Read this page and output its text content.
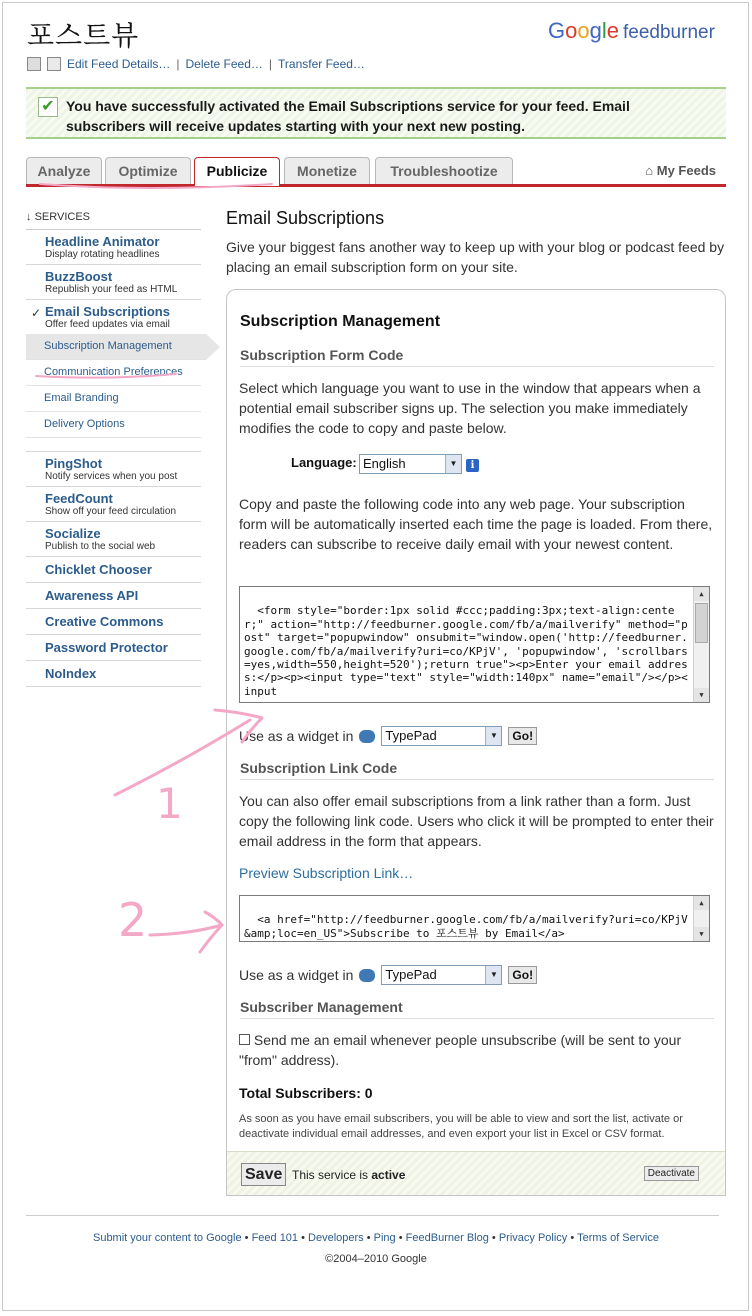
포스트뷰	Google feedburner
Edit Feed Details… | Delete Feed… | Transfer Feed…
✔ You have successfully activated the Email Subscriptions service for your feed. Email subscribers will receive updates starting with your next new posting.
Analyze	Optimize	Publicize	Monetize	Troubleshootize	⌂ My Feeds
↓ SERVICES
Headline Animator
Display rotating headlines
BuzzBoost
Republish your feed as HTML
✓ Email Subscriptions
Offer feed updates via email
Subscription Management
Communication Preferences
Email Branding
Delivery Options
PingShot
Notify services when you post
FeedCount
Show off your feed circulation
Socialize
Publish to the social web
Chicklet Chooser
Awareness API
Creative Commons
Password Protector
NoIndex
Email Subscriptions
Give your biggest fans another way to keep up with your blog or podcast feed by placing an email subscription form on your site.
Subscription Management
Subscription Form Code
Select which language you want to use in the window that appears when a potential email subscriber signs up. The selection you make immediately modifies the code to copy and paste below.
Language: English	▼	i
Copy and paste the following code into any web page. Your subscription form will be automatically inserted each time the page is loaded. From there, readers can subscribe to receive daily email with your newest content.

<form style="border:1px solid #ccc;padding:3px;text-align:center;" action="http://feedburner.google.com/fb/a/mailverify" method="post" target="popupwindow" onsubmit="window.open('http://feedburner.google.com/fb/a/mailverify?uri=co/KPjV', 'popupwindow', 'scrollbars=yes,width=550,height=520');return true"><p>Enter your email address:</p><p><input type="text" style="width:140px" name="email"/></p><input

▲

▼

Use as a widget in	TypePad	▼	Go!
Subscription Link Code
You can also offer email subscriptions from a link rather than a form. Just copy the following link code. Users who click it will be prompted to enter their email address in the form that appears.
Preview Subscription Link…

<a href="http://feedburner.google.com/fb/a/mailverify?uri=co/KPjV&amp;loc=en_US">Subscribe to 포스트뷰 by Email</a>

▲

▼

Use as a widget in	TypePad	▼	Go!
Subscriber Management
Send me an email whenever people unsubscribe (will be sent to your "from" address).
Total Subscribers: 0
As soon as you have email subscribers, you will be able to view and sort the list, activate or deactivate individual email addresses, and even export your list in Excel or CSV format.
Save This service is active	Deactivate
Submit your content to Google • Feed 101 • Developers • Ping • FeedBurner Blog • Privacy Policy • Terms of Service
©2004–2010 Google
1
2
